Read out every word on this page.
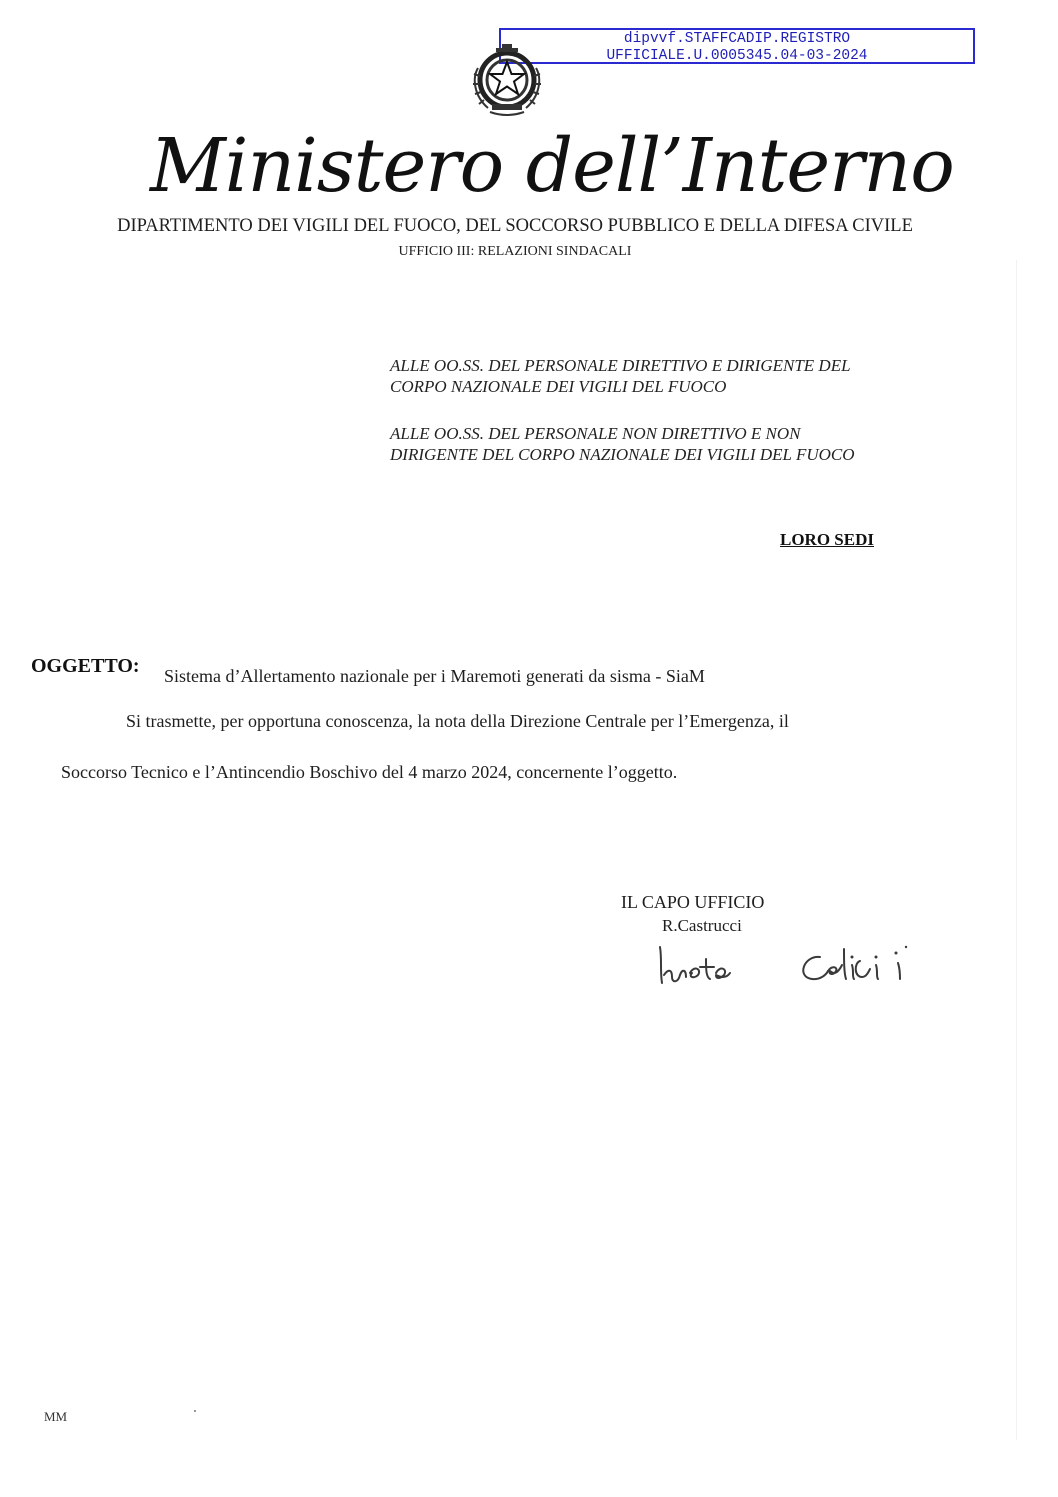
dipvvf.STAFFCADIP.REGISTRO
UFFICIALE.U.0005345.04-03-2024
Ministero dell’Interno
DIPARTIMENTO DEI VIGILI DEL FUOCO, DEL SOCCORSO PUBBLICO E DELLA DIFESA CIVILE
UFFICIO III: RELAZIONI SINDACALI
ALLE OO.SS. DEL PERSONALE DIRETTIVO E DIRIGENTE DEL
CORPO NAZIONALE DEI VIGILI DEL FUOCO
ALLE OO.SS. DEL PERSONALE NON DIRETTIVO E NON
DIRIGENTE DEL CORPO NAZIONALE DEI VIGILI DEL FUOCO
LORO SEDI
OGGETTO: Sistema d’Allertamento nazionale per i Maremoti generati da sisma - SiaM
Si trasmette, per opportuna conoscenza, la nota della Direzione Centrale per l’Emergenza, il
Soccorso Tecnico e l’Antincendio Boschivo del 4 marzo 2024, concernente l’oggetto.
IL CAPO UFFICIO
R.Castrucci
MM
